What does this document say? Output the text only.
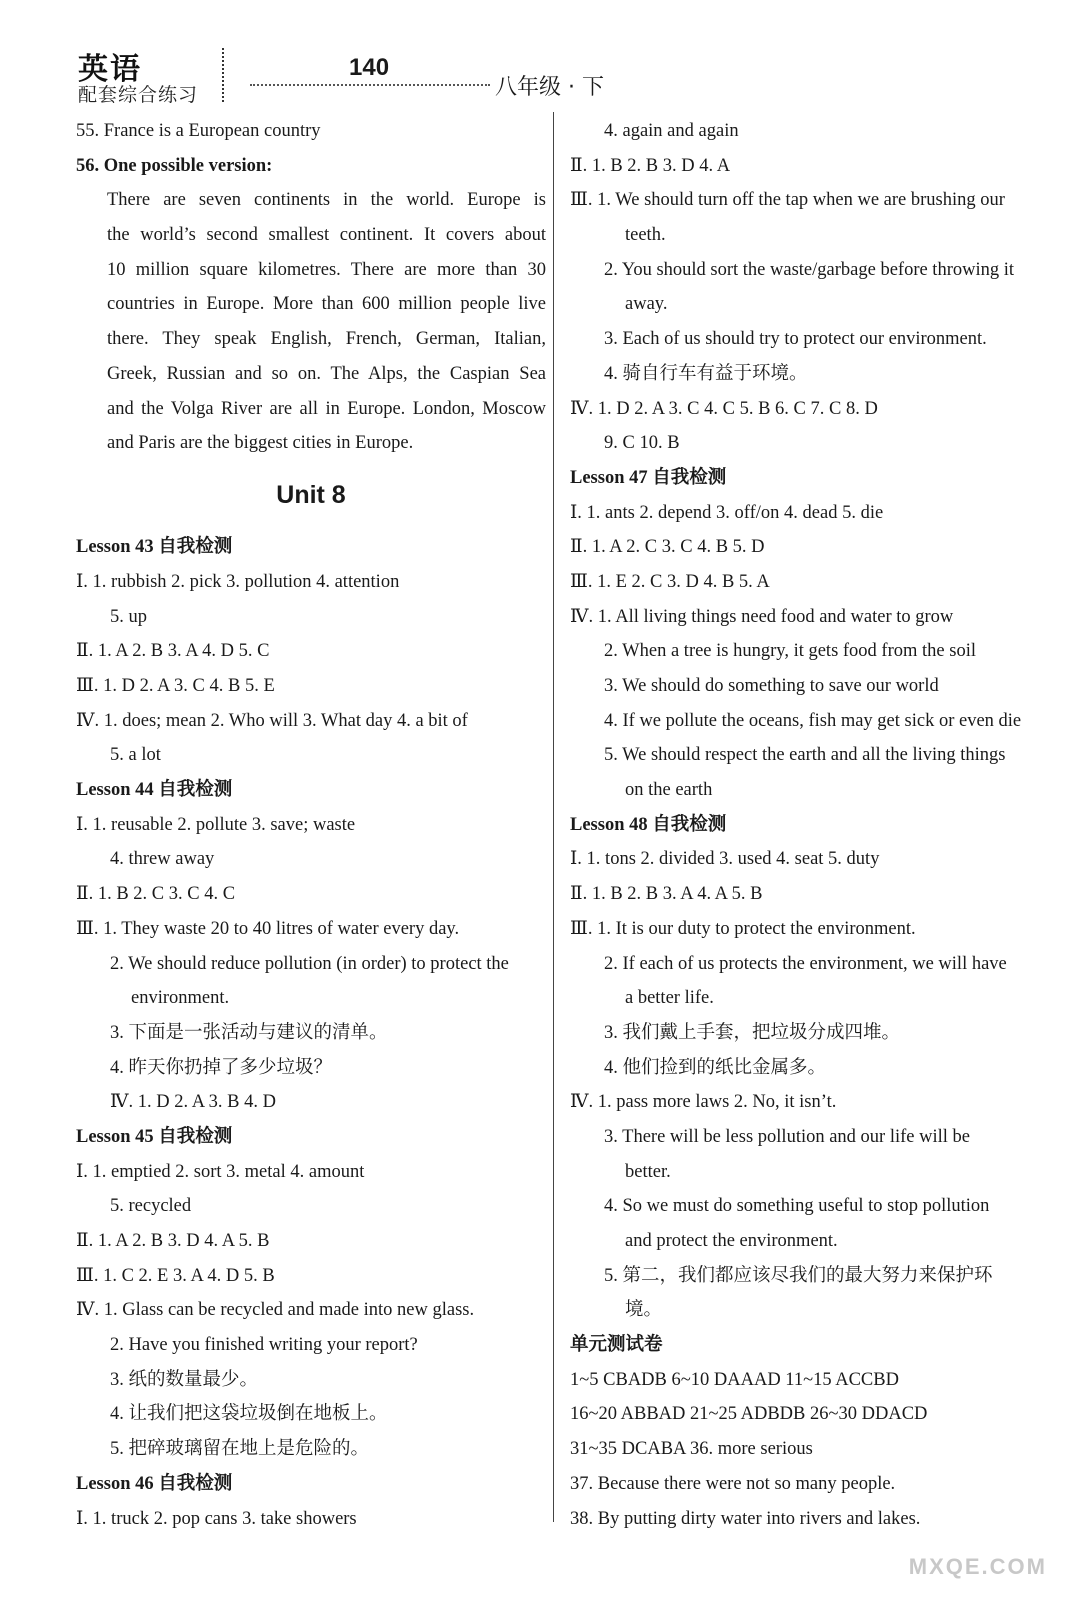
英语
配套综合练习
140
八年级 · 下
55. France is a European country
56. One possible version:
There are seven continents in the world. Europe is
the world’s second smallest continent. It covers about
10 million square kilometres. There are more than 30
countries in Europe. More than 600 million people live
there. They speak English, French, German, Italian,
Greek, Russian and so on. The Alps, the Caspian Sea
and the Volga River are all in Europe. London, Moscow
and Paris are the biggest cities in Europe.
Unit 8
Lesson 43 自我检测
Ⅰ. 1. rubbish 2. pick 3. pollution 4. attention
5. up
Ⅱ. 1. A 2. B 3. A 4. D 5. C
Ⅲ. 1. D 2. A 3. C 4. B 5. E
Ⅳ. 1. does; mean 2. Who will 3. What day 4. a bit of
5. a lot
Lesson 44 自我检测
Ⅰ. 1. reusable 2. pollute 3. save; waste
4. threw away
Ⅱ. 1. B 2. C 3. C 4. C
Ⅲ. 1. They waste 20 to 40 litres of water every day.
2. We should reduce pollution (in order) to protect the
environment.
3. 下面是一张活动与建议的清单。
4. 昨天你扔掉了多少垃圾？
Ⅳ. 1. D 2. A 3. B 4. D
Lesson 45 自我检测
Ⅰ. 1. emptied 2. sort 3. metal 4. amount
5. recycled
Ⅱ. 1. A 2. B 3. D 4. A 5. B
Ⅲ. 1. C 2. E 3. A 4. D 5. B
Ⅳ. 1. Glass can be recycled and made into new glass.
2. Have you finished writing your report?
3. 纸的数量最少。
4. 让我们把这袋垃圾倒在地板上。
5. 把碎玻璃留在地上是危险的。
Lesson 46 自我检测
Ⅰ. 1. truck 2. pop cans 3. take showers
4. again and again
Ⅱ. 1. B 2. B 3. D 4. A
Ⅲ. 1. We should turn off the tap when we are brushing our
teeth.
2. You should sort the waste/garbage before throwing it
away.
3. Each of us should try to protect our environment.
4. 骑自行车有益于环境。
Ⅳ. 1. D 2. A 3. C 4. C 5. B 6. C 7. C 8. D
9. C 10. B
Lesson 47 自我检测
Ⅰ. 1. ants 2. depend 3. off/on 4. dead 5. die
Ⅱ. 1. A 2. C 3. C 4. B 5. D
Ⅲ. 1. E 2. C 3. D 4. B 5. A
Ⅳ. 1. All living things need food and water to grow
2. When a tree is hungry, it gets food from the soil
3. We should do something to save our world
4. If we pollute the oceans, fish may get sick or even die
5. We should respect the earth and all the living things
on the earth
Lesson 48 自我检测
Ⅰ. 1. tons 2. divided 3. used 4. seat 5. duty
Ⅱ. 1. B 2. B 3. A 4. A 5. B
Ⅲ. 1. It is our duty to protect the environment.
2. If each of us protects the environment, we will have
a better life.
3. 我们戴上手套，把垃圾分成四堆。
4. 他们捡到的纸比金属多。
Ⅳ. 1. pass more laws 2. No, it isn’t.
3. There will be less pollution and our life will be
better.
4. So we must do something useful to stop pollution
and protect the environment.
5. 第二，我们都应该尽我们的最大努力来保护环
境。
单元测试卷
1~5 CBADB 6~10 DAAAD 11~15 ACCBD
16~20 ABBAD 21~25 ADBDB 26~30 DDACD
31~35 DCABA 36. more serious
37. Because there were not so many people.
38. By putting dirty water into rivers and lakes.
MXQE.COM
